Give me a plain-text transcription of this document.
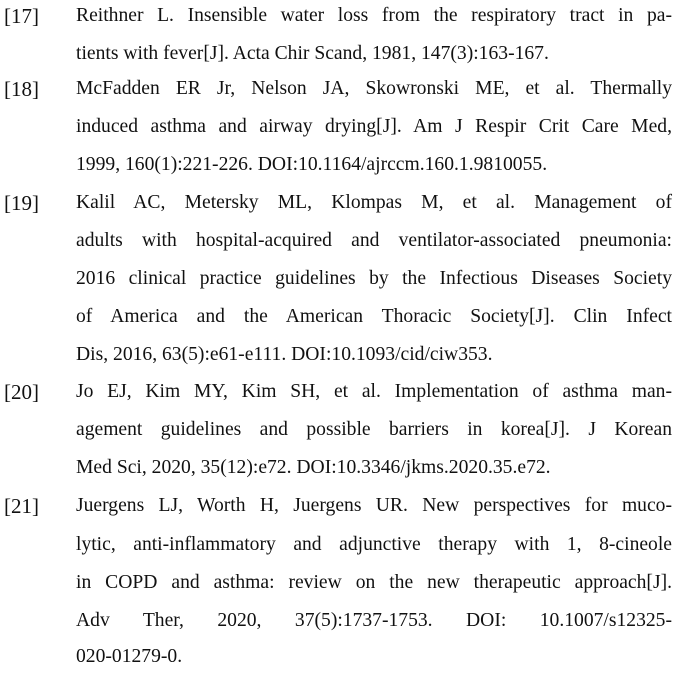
[17]	Reithner L. Insensible water loss from the respiratory tract in pa-
tients with fever[J]. Acta Chir Scand, 1981, 147(3):163-167.
[18]	McFadden ER Jr, Nelson JA, Skowronski ME, et al. Thermally
induced asthma and airway drying[J]. Am J Respir Crit Care Med,
1999, 160(1):221-226. DOI:10.1164/ajrccm.160.1.9810055.
[19]	Kalil AC, Metersky ML, Klompas M, et al. Management of
adults with hospital-acquired and ventilator-associated pneumonia:
2016 clinical practice guidelines by the Infectious Diseases Society
of America and the American Thoracic Society[J]. Clin Infect
Dis, 2016, 63(5):e61-e111. DOI:10.1093/cid/ciw353.
[20]	Jo EJ, Kim MY, Kim SH, et al. Implementation of asthma man-
agement guidelines and possible barriers in korea[J]. J Korean
Med Sci, 2020, 35(12):e72. DOI:10.3346/jkms.2020.35.e72.
[21]	Juergens LJ, Worth H, Juergens UR. New perspectives for muco-
lytic, anti-inflammatory and adjunctive therapy with 1, 8-cineole
in COPD and asthma: review on the new therapeutic approach[J].
Adv Ther, 2020, 37(5):1737-1753. DOI: 10.1007/s12325-
020-01279-0.
